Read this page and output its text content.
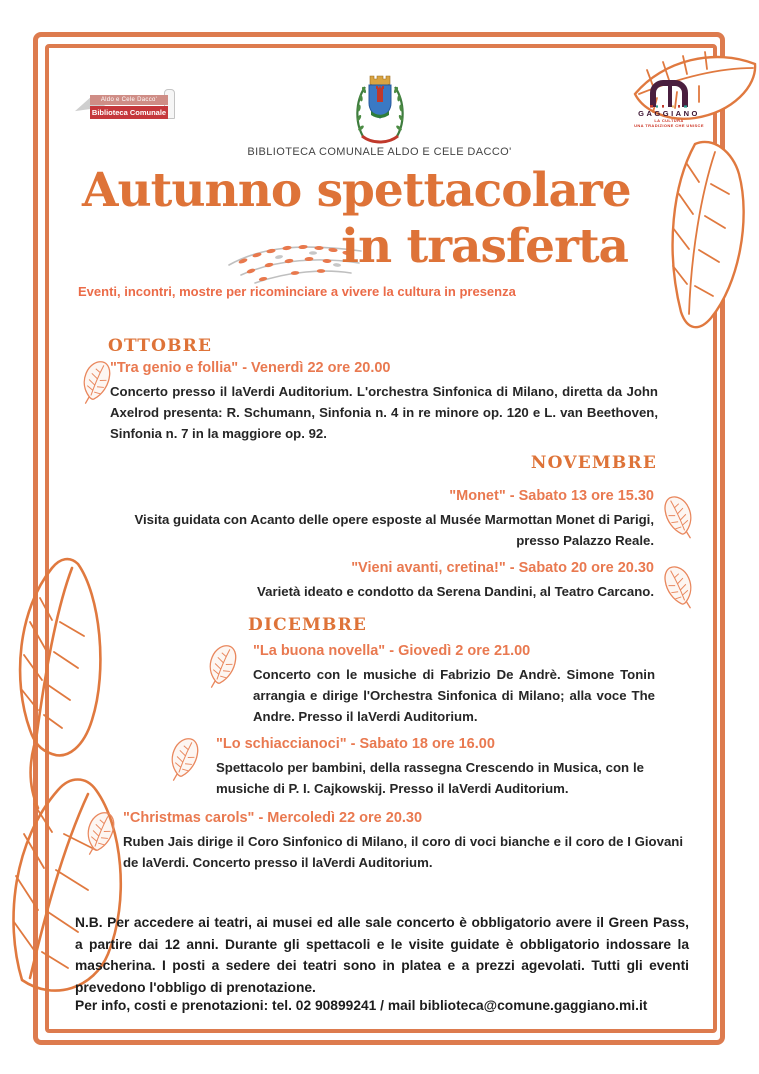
Aldo e Cele Dacco'
Biblioteca Comunale	GAGGIANO
LA CULTURA
UNA TRADIZIONE CHE UNISCE
BIBLIOTECA COMUNALE ALDO E CELE DACCO'
Autunno spettacolare
in trasferta
Eventi, incontri, mostre per ricominciare a vivere la cultura in presenza
OTTOBRE
"Tra genio e follia" - Venerdì 22 ore 20.00
Concerto presso il laVerdi Auditorium. L'orchestra Sinfonica di Milano, diretta da John Axelrod presenta: R. Schumann, Sinfonia n. 4 in re minore op. 120 e L. van Beethoven, Sinfonia n. 7 in la maggiore op. 92.
NOVEMBRE
"Monet" - Sabato 13 ore 15.30
Visita guidata con Acanto delle opere esposte al Musée Marmottan Monet di Parigi, presso Palazzo Reale.
"Vieni avanti, cretina!" - Sabato 20 ore 20.30
Varietà ideato e condotto da Serena Dandini, al Teatro Carcano.
DICEMBRE
"La buona novella" - Giovedì 2 ore 21.00
Concerto con le musiche di Fabrizio De Andrè. Simone Tonin arrangia e dirige l'Orchestra Sinfonica di Milano; alla voce The Andre. Presso il laVerdi Auditorium.
"Lo schiaccianoci" - Sabato 18 ore 16.00
Spettacolo per bambini, della rassegna Crescendo in Musica, con le musiche di P. I. Cajkowskij. Presso il laVerdi Auditorium.
"Christmas carols" - Mercoledì 22 ore 20.30
Ruben Jais dirige il Coro Sinfonico di Milano, il coro di voci bianche e il coro de I Giovani de laVerdi. Concerto presso il laVerdi Auditorium.
N.B. Per accedere ai teatri, ai musei ed alle sale concerto è obbligatorio avere il Green Pass, a partire dai 12 anni. Durante gli spettacoli e le visite guidate è obbligatorio indossare la mascherina. I posti a sedere dei teatri sono in platea e a prezzi agevolati. Tutti gli eventi prevedono l'obbligo di prenotazione.
Per info, costi e prenotazioni: tel. 02 90899241 / mail biblioteca@comune.gaggiano.mi.it
